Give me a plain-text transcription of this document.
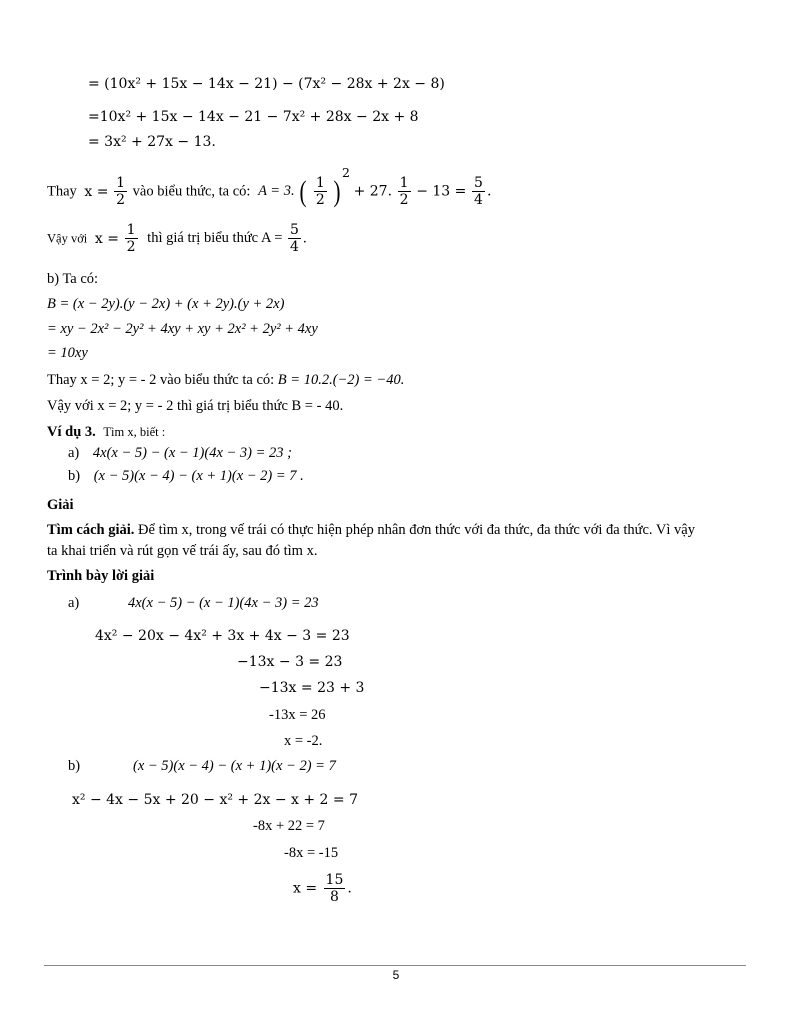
= (10x² + 15x − 14x − 21) − (7x² − 28x + 2x − 8)
=10x² + 15x − 14x − 21 − 7x² + 28x − 2x + 8
= 3x² + 27x − 13.
Thay $x = \frac{1}{2}$ vào biểu thức, ta có: A = 3. ( $\frac{1}{2}$ ) $^2$ + 27. $\frac{1}{2} - 13 = \frac{5}{4}$ .
Vậy với $x = \frac{1}{2}$ thì giá trị biểu thức $A = \frac{5}{4}$ .
b) Ta có:
B = (x − 2y).(y − 2x) + (x + 2y).(y + 2x)
= xy − 2x² − 2y² + 4xy + xy + 2x² + 2y² + 4xy
= 10xy
Thay x = 2; y = - 2 vào biểu thức ta có: B = 10.2.(−2) = −40.
Vậy với x = 2; y = - 2 thì giá trị biểu thức B = - 40.
Ví dụ 3. Tìm x, biết :
a) 4x(x − 5) − (x − 1)(4x − 3) = 23 ;
b) (x − 5)(x − 4) − (x + 1)(x − 2) = 7 .
Giải
Tìm cách giải. Để tìm x, trong vế trái có thực hiện phép nhân đơn thức với đa thức, đa thức với đa thức. Vì vậy
ta khai triển và rút gọn vế trái ấy, sau đó tìm x.
Trình bày lời giải
a)	4x(x − 5) − (x − 1)(4x − 3) = 23
4x² − 20x − 4x² + 3x + 4x − 3 = 23
−13x − 3 = 23
−13x = 23 + 3
-13x = 26
x = -2.
b)	(x − 5)(x − 4) − (x + 1)(x − 2) = 7
x² − 4x − 5x + 20 − x² + 2x − x + 2 = 7
-8x + 22 = 7
-8x = -15
$x = \frac{15}{8}$ .
5
